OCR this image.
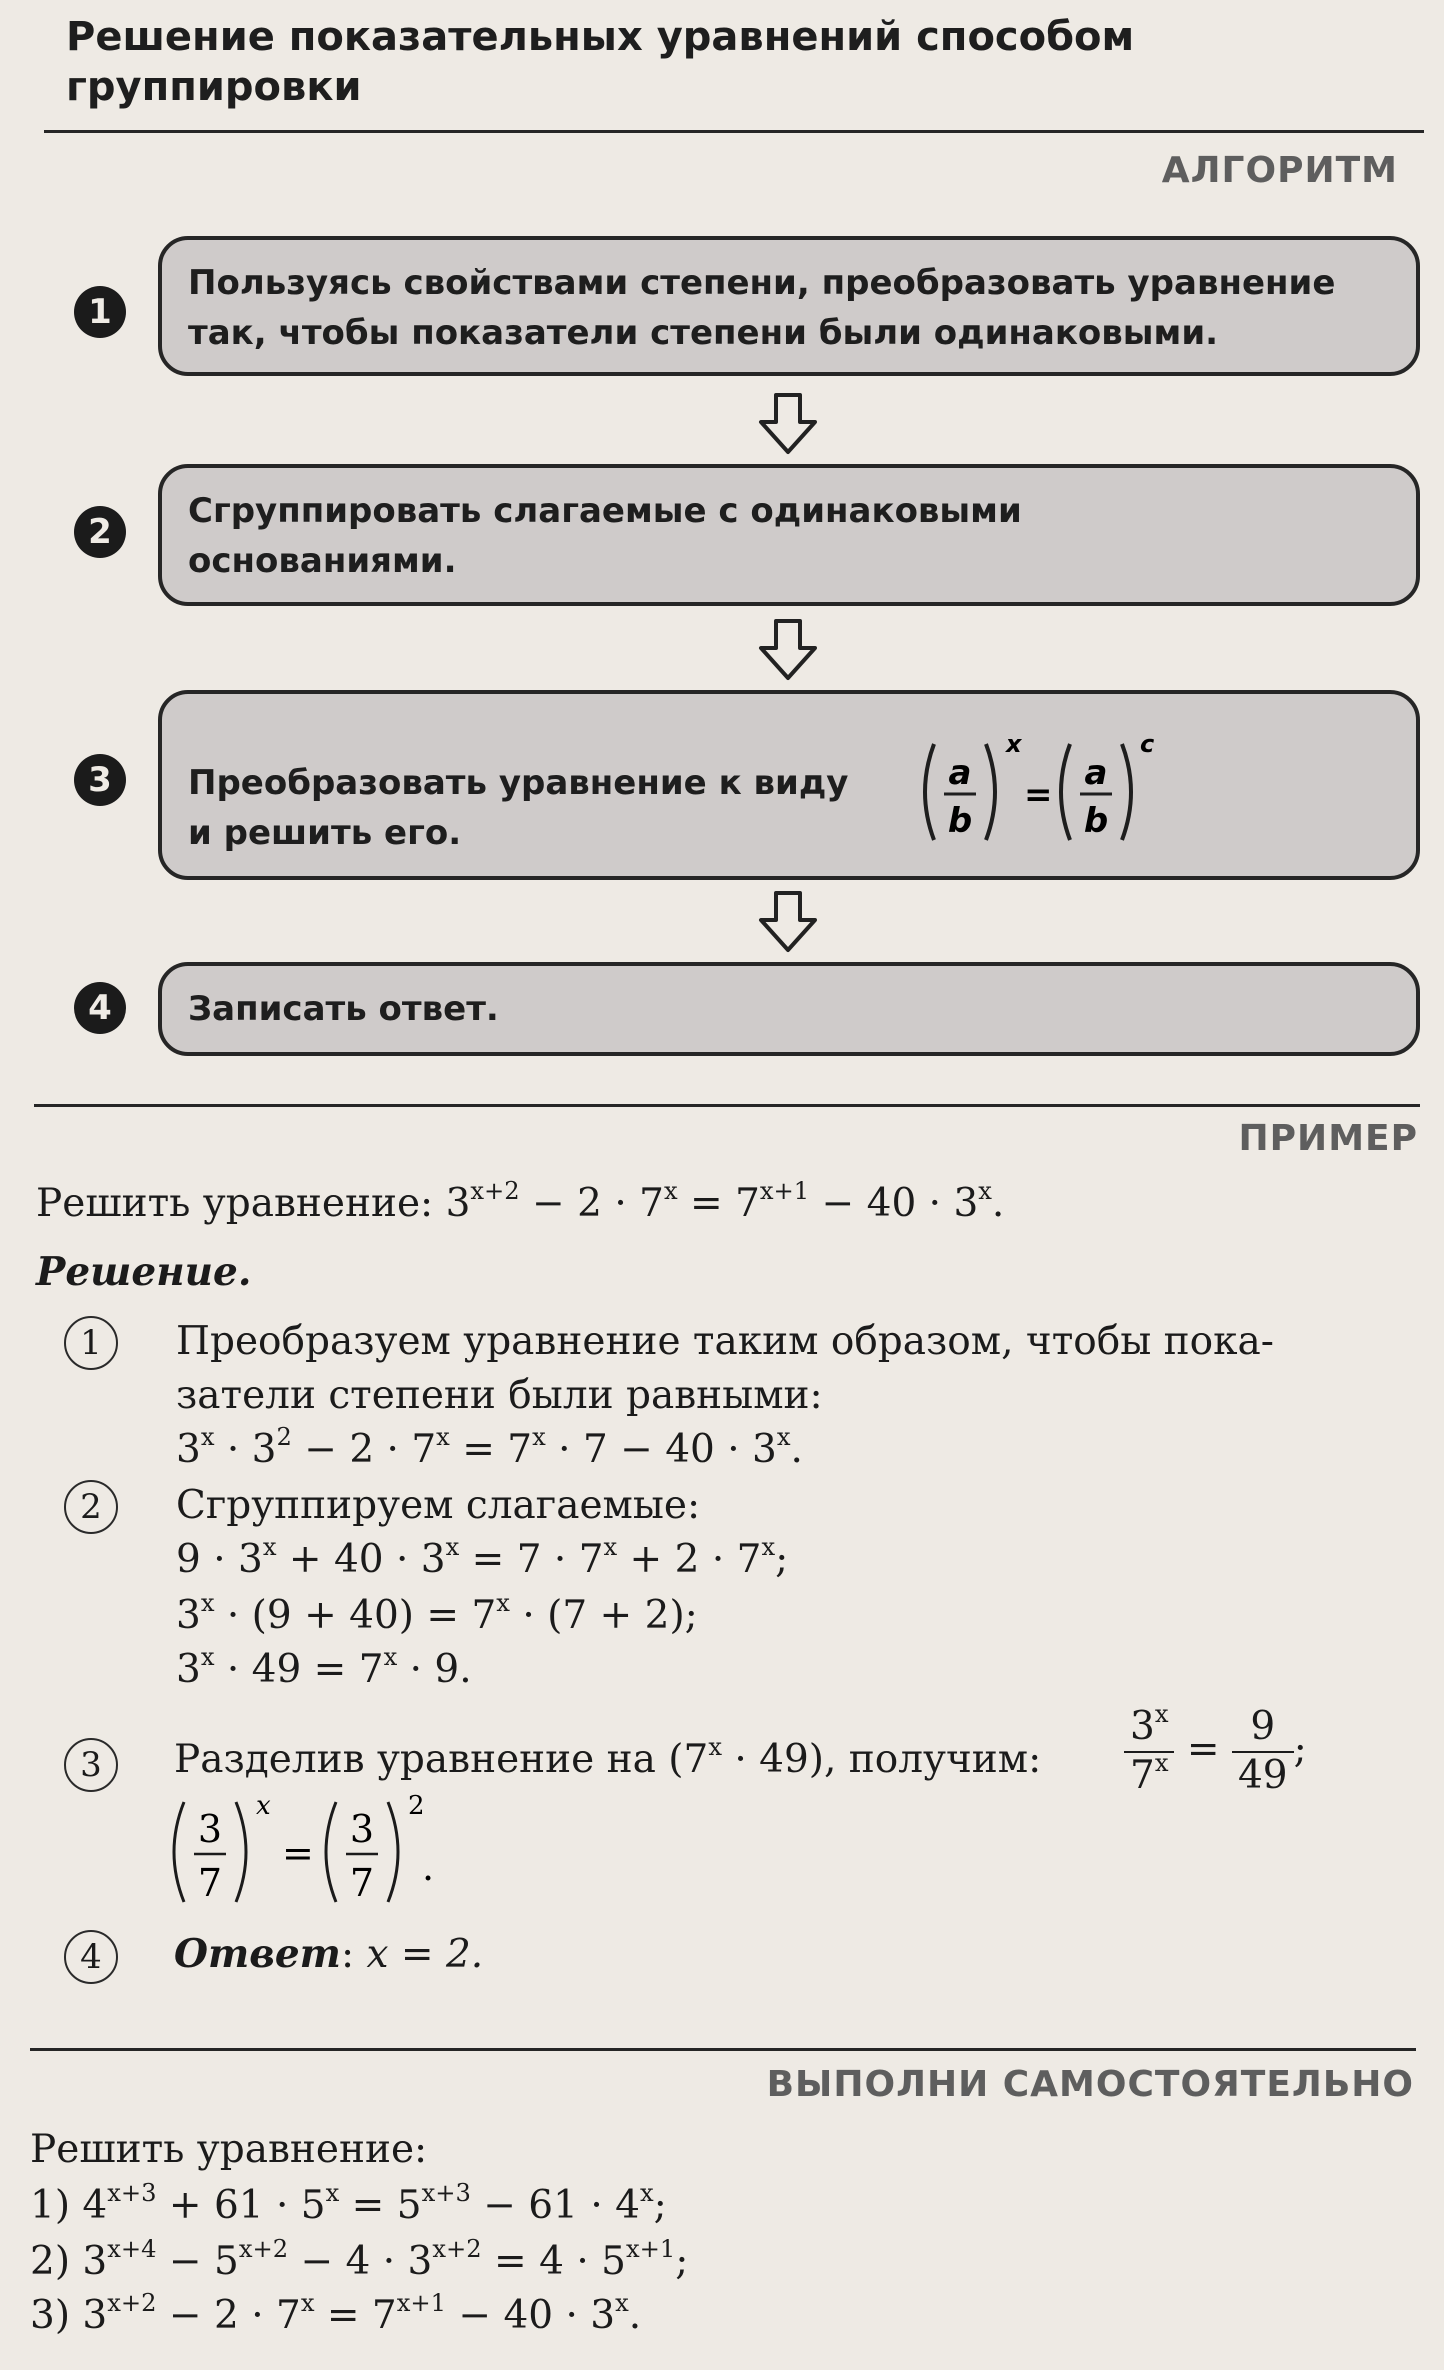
Решение показательных уравнений способом группировки
АЛГОРИТМ
1
Пользуясь свойствами степени, преобразовать уравнение так, чтобы показатели степени были одинаковыми.
2
Сгруппировать слагаемые с одинаковыми основаниями.
3	Преобразовать уравнение к виду	a
b
x
=
a
b
c
и решить его.
4	Записать ответ.
ПРИМЕР
Решить уравнение: $3^{x+2} - 2 \cdot 7^x = 7^{x+1} - 40 \cdot 3^x$.
Решение.
1	Преобразуем уравнение таким образом, чтобы пока-
затели степени были равными:
$3^x \cdot 3^2 - 2 \cdot 7^x = 7^x \cdot 7 - 40 \cdot 3^x$.
2	Сгруппируем слагаемые:
$9 \cdot 3^x + 40 \cdot 3^x = 7 \cdot 7^x + 2 \cdot 7^x$;
$3^x \cdot (9 + 40) = 7^x \cdot (7 + 2)$;
$3^x \cdot 49 = 7^x \cdot 9$.
3	Разделив уравнение на $(7^x \cdot 49)$, получим: $\frac{3^x}{7^x} = \frac{9}{49}$ ;
3
7
x
=
3
7
2
.
4	Ответ: x = 2.
ВЫПОЛНИ САМОСТОЯТЕЛЬНО
Решить уравнение:
1) $4^{x+3} + 61 \cdot 5^x = 5^{x+3} - 61 \cdot 4^x$;
2) $3^{x+4} - 5^{x+2} - 4 \cdot 3^{x+2} = 4 \cdot 5^{x+1}$;
3) $3^{x+2} - 2 \cdot 7^x = 7^{x+1} - 40 \cdot 3^x$.
